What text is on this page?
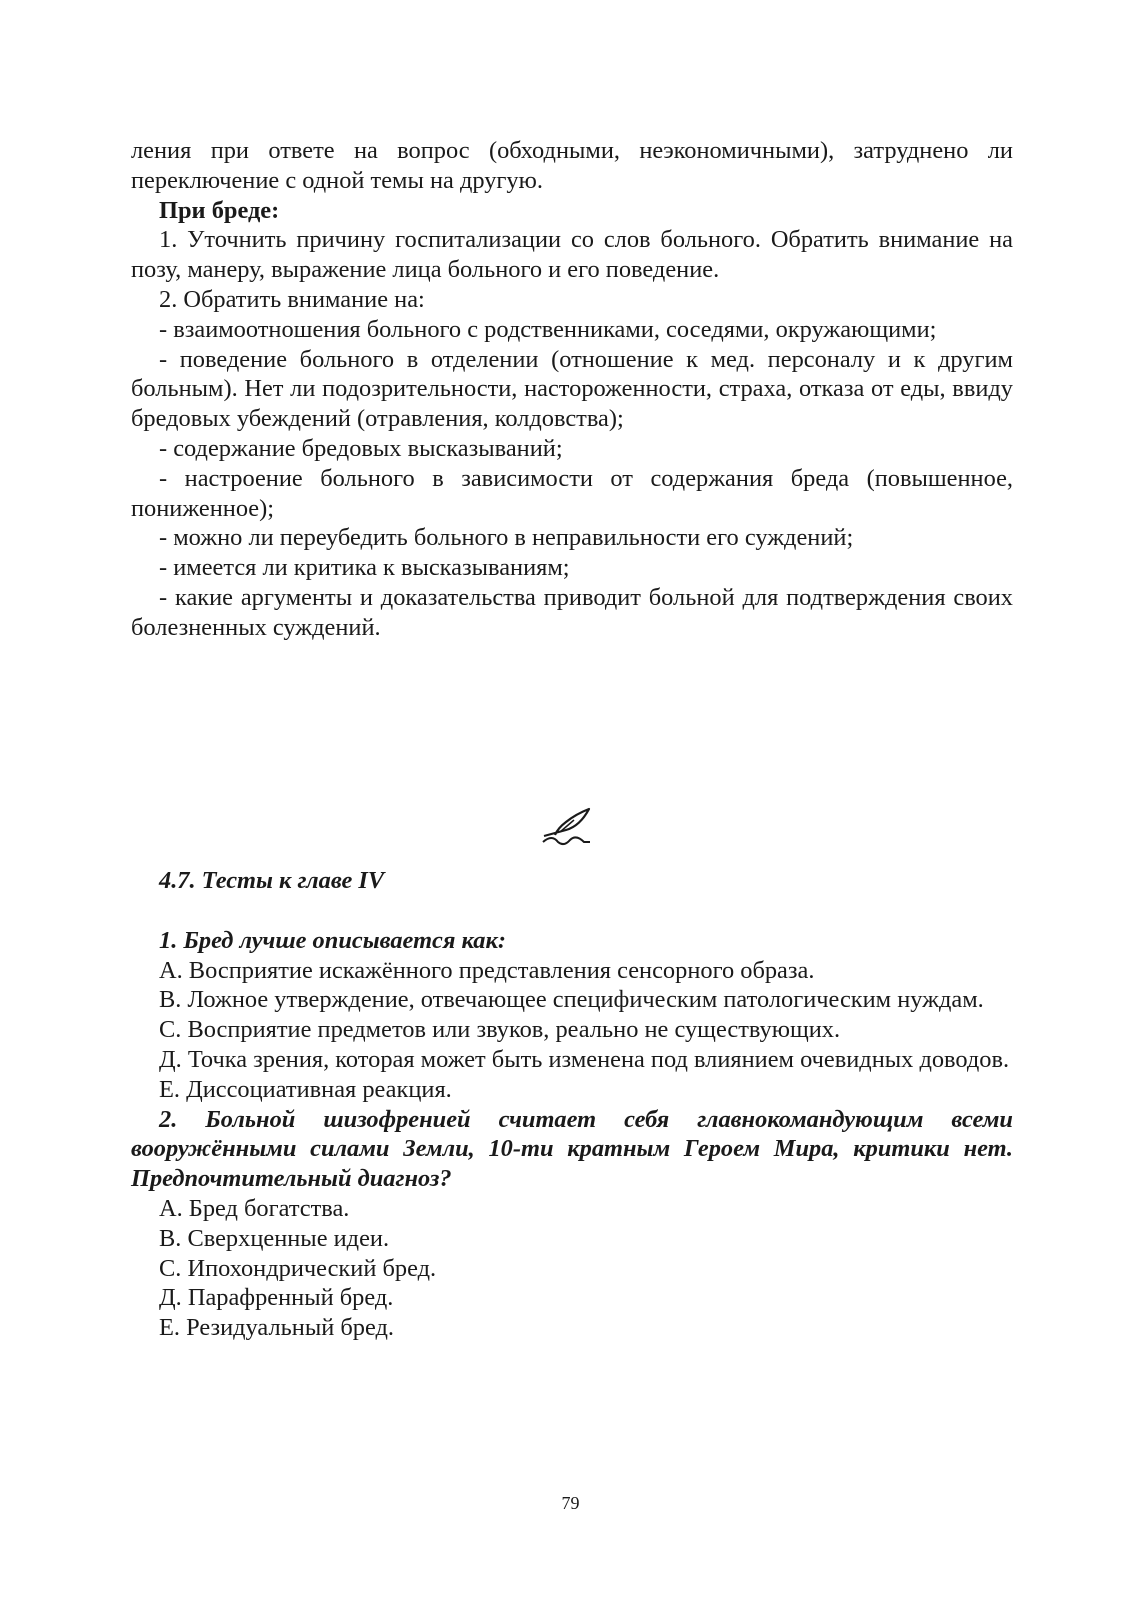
ления при ответе на вопрос (обходными, неэкономичными), затруднено ли переключение с одной темы на другую.

При бреде:

1. Уточнить причину госпитализации со слов больного. Обратить внимание на позу, манеру, выражение лица больного и его поведение.

2. Обратить внимание на:

- взаимоотношения больного с родственниками, соседями, окружающими;

- поведение больного в отделении (отношение к мед. персоналу и к другим больным). Нет ли подозрительности, настороженности, страха, отказа от еды, ввиду бредовых убеждений (отравления, колдовства);

- содержание бредовых высказываний;

- настроение больного в зависимости от содержания бреда (повышенное, пониженное);

- можно ли переубедить больного в неправильности его суждений;

- имеется ли критика к высказываниям;

- какие аргументы и доказательства приводит больной для подтверждения своих болезненных суждений.

4.7. Тесты к главе IV

1. Бред лучше описывается как:

А. Восприятие искажённого представления сенсорного образа.

В. Ложное утверждение, отвечающее специфическим патологическим нуждам.

С. Восприятие предметов или звуков, реально не существующих.

Д. Точка зрения, которая может быть изменена под влиянием очевидных доводов.

Е. Диссоциативная реакция.

2. Больной шизофренией считает себя главнокомандующим всеми вооружёнными силами Земли, 10-ти кратным Героем Мира, критики нет. Предпочтительный диагноз?

А. Бред богатства.

В. Сверхценные идеи.

С. Ипохондрический бред.

Д. Парафренный бред.

Е. Резидуальный бред.

79
